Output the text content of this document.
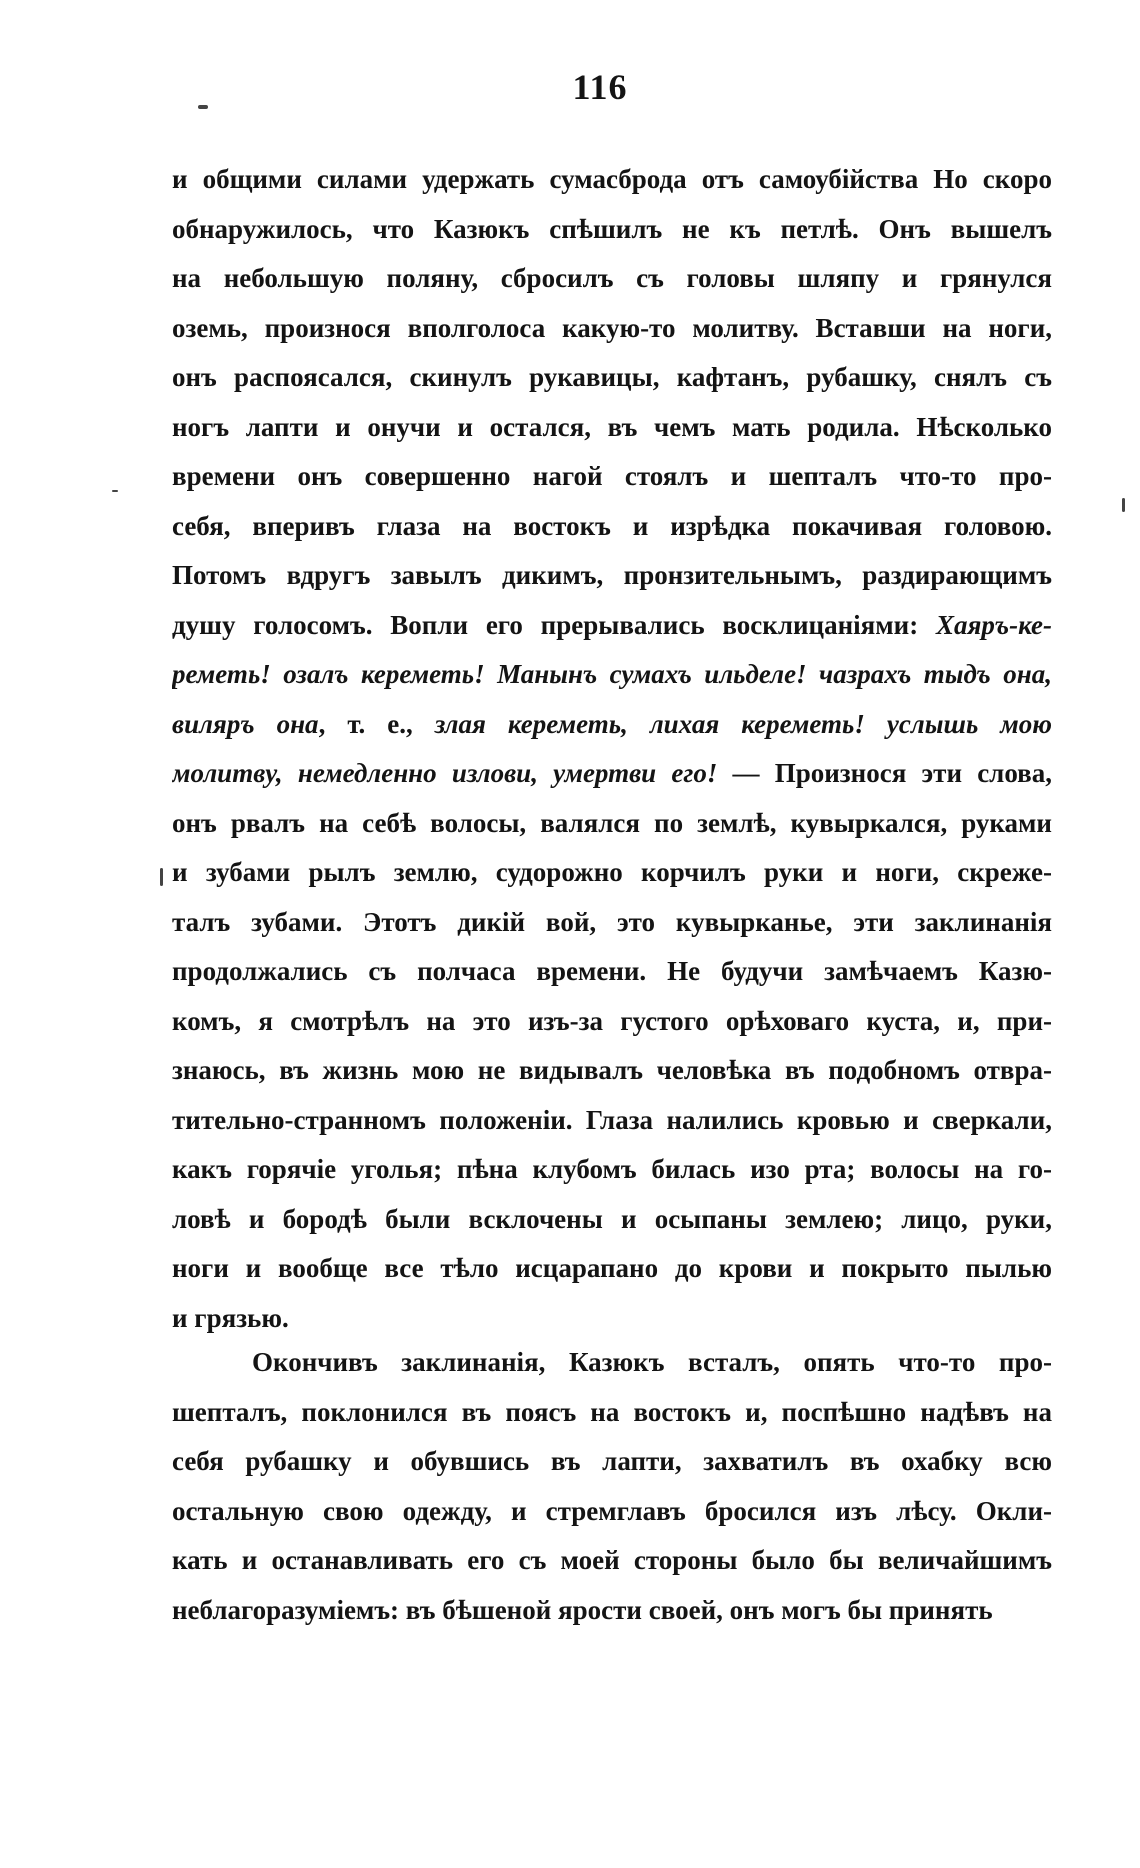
116
и общими силами удержать сумасброда отъ самоубійства Но скоро
обнаружилось, что Казюкъ спѣшилъ не къ петлѣ. Онъ вышелъ
на небольшую поляну, сбросилъ съ головы шляпу и грянулся
оземь, произнося вполголоса какую-то молитву. Вставши на ноги,
онъ распоясался, скинулъ рукавицы, кафтанъ, рубашку, снялъ съ
ногъ лапти и онучи и остался, въ чемъ мать родила. Нѣсколько
времени онъ совершенно нагой стоялъ и шепталъ что-то про-
себя, вперивъ глаза на востокъ и изрѣдка покачивая головою.
Потомъ вдругъ завылъ дикимъ, пронзительнымъ, раздирающимъ
душу голосомъ. Вопли его прерывались восклицаніями: Хаяръ-ке-
реметь! озалъ кереметь! Манынъ сумахъ ильделе! чазрахъ тыдъ она,
виляръ она, т. е., злая кереметь, лихая кереметь! услышь мою
молитву, немедленно излови, умертви его! — Произнося эти слова,
онъ рвалъ на себѣ волосы, валялся по землѣ, кувыркался, руками
и зубами рылъ землю, судорожно корчилъ руки и ноги, скреже-
талъ зубами. Этотъ дикій вой, это кувырканье, эти заклинанія
продолжались съ полчаса времени. Не будучи замѣчаемъ Казю-
комъ, я смотрѣлъ на это изъ-за густого орѣховаго куста, и, при-
знаюсь, въ жизнь мою не видывалъ человѣка въ подобномъ отвра-
тительно-странномъ положеніи. Глаза налились кровью и сверкали,
какъ горячіе уголья; пѣна клубомъ билась изо рта; волосы на го-
ловѣ и бородѣ были всклочены и осыпаны землею; лицо, руки,
ноги и вообще все тѣло исцарапано до крови и покрыто пылью
и грязью.
Окончивъ заклинанія, Казюкъ всталъ, опять что-то про-
шепталъ, поклонился въ поясъ на востокъ и, поспѣшно надѣвъ на
себя рубашку и обувшись въ лапти, захватилъ въ охабку всю
остальную свою одежду, и стремглавъ бросился изъ лѣсу. Окли-
кать и останавливать его съ моей стороны было бы величайшимъ
неблагоразуміемъ: въ бѣшеной ярости своей, онъ могъ бы принять
